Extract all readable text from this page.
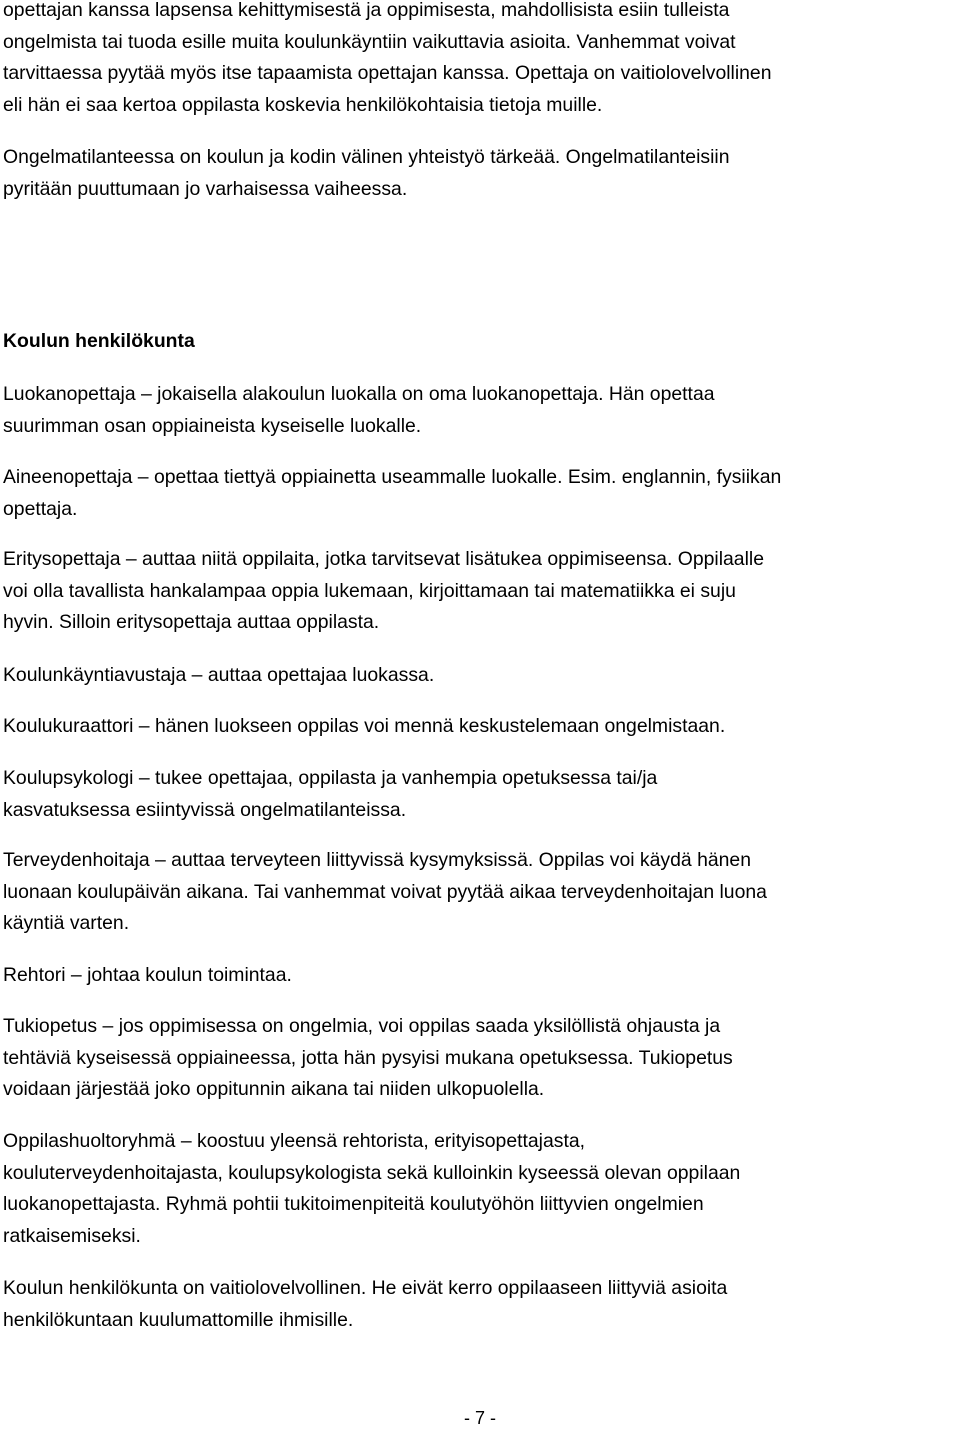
opettajan kanssa lapsensa kehittymisestä ja oppimisesta, mahdollisista esiin tulleista
ongelmista tai tuoda esille muita koulunkäyntiin vaikuttavia asioita. Vanhemmat voivat
tarvittaessa pyytää myös itse tapaamista opettajan kanssa. Opettaja on vaitiolovelvollinen
eli hän ei saa kertoa oppilasta koskevia henkilökohtaisia tietoja muille.

Ongelmatilanteessa on koulun ja kodin välinen yhteistyö tärkeää. Ongelmatilanteisiin
pyritään puuttumaan jo varhaisessa vaiheessa.

Koulun henkilökunta

Luokanopettaja – jokaisella alakoulun luokalla on oma luokanopettaja. Hän opettaa
suurimman osan oppiaineista kyseiselle luokalle.

Aineenopettaja – opettaa tiettyä oppiainetta useammalle luokalle. Esim. englannin, fysiikan
opettaja.

Eritysopettaja – auttaa niitä oppilaita, jotka tarvitsevat lisätukea oppimiseensa. Oppilaalle
voi olla tavallista hankalampaa oppia lukemaan, kirjoittamaan tai matematiikka ei suju
hyvin. Silloin eritysopettaja auttaa oppilasta.

Koulunkäyntiavustaja – auttaa opettajaa luokassa.

Koulukuraattori – hänen luokseen oppilas voi mennä keskustelemaan ongelmistaan.

Koulupsykologi – tukee opettajaa, oppilasta ja vanhempia opetuksessa tai/ja
kasvatuksessa esiintyvissä ongelmatilanteissa.

Terveydenhoitaja – auttaa terveyteen liittyvissä kysymyksissä. Oppilas voi käydä hänen
luonaan koulupäivän aikana. Tai vanhemmat voivat pyytää aikaa terveydenhoitajan luona
käyntiä varten.

Rehtori – johtaa koulun toimintaa.

Tukiopetus – jos oppimisessa on ongelmia, voi oppilas saada yksilöllistä ohjausta ja
tehtäviä kyseisessä oppiaineessa, jotta hän pysyisi mukana opetuksessa. Tukiopetus
voidaan järjestää joko oppitunnin aikana tai niiden ulkopuolella.

Oppilashuoltoryhmä – koostuu yleensä rehtorista, erityisopettajasta,
kouluterveydenhoitajasta, koulupsykologista sekä kulloinkin kyseessä olevan oppilaan
luokanopettajasta. Ryhmä pohtii tukitoimenpiteitä koulutyöhön liittyvien ongelmien
ratkaisemiseksi.

Koulun henkilökunta on vaitiolovelvollinen. He eivät kerro oppilaaseen liittyviä asioita
henkilökuntaan kuulumattomille ihmisille.

- 7 -
